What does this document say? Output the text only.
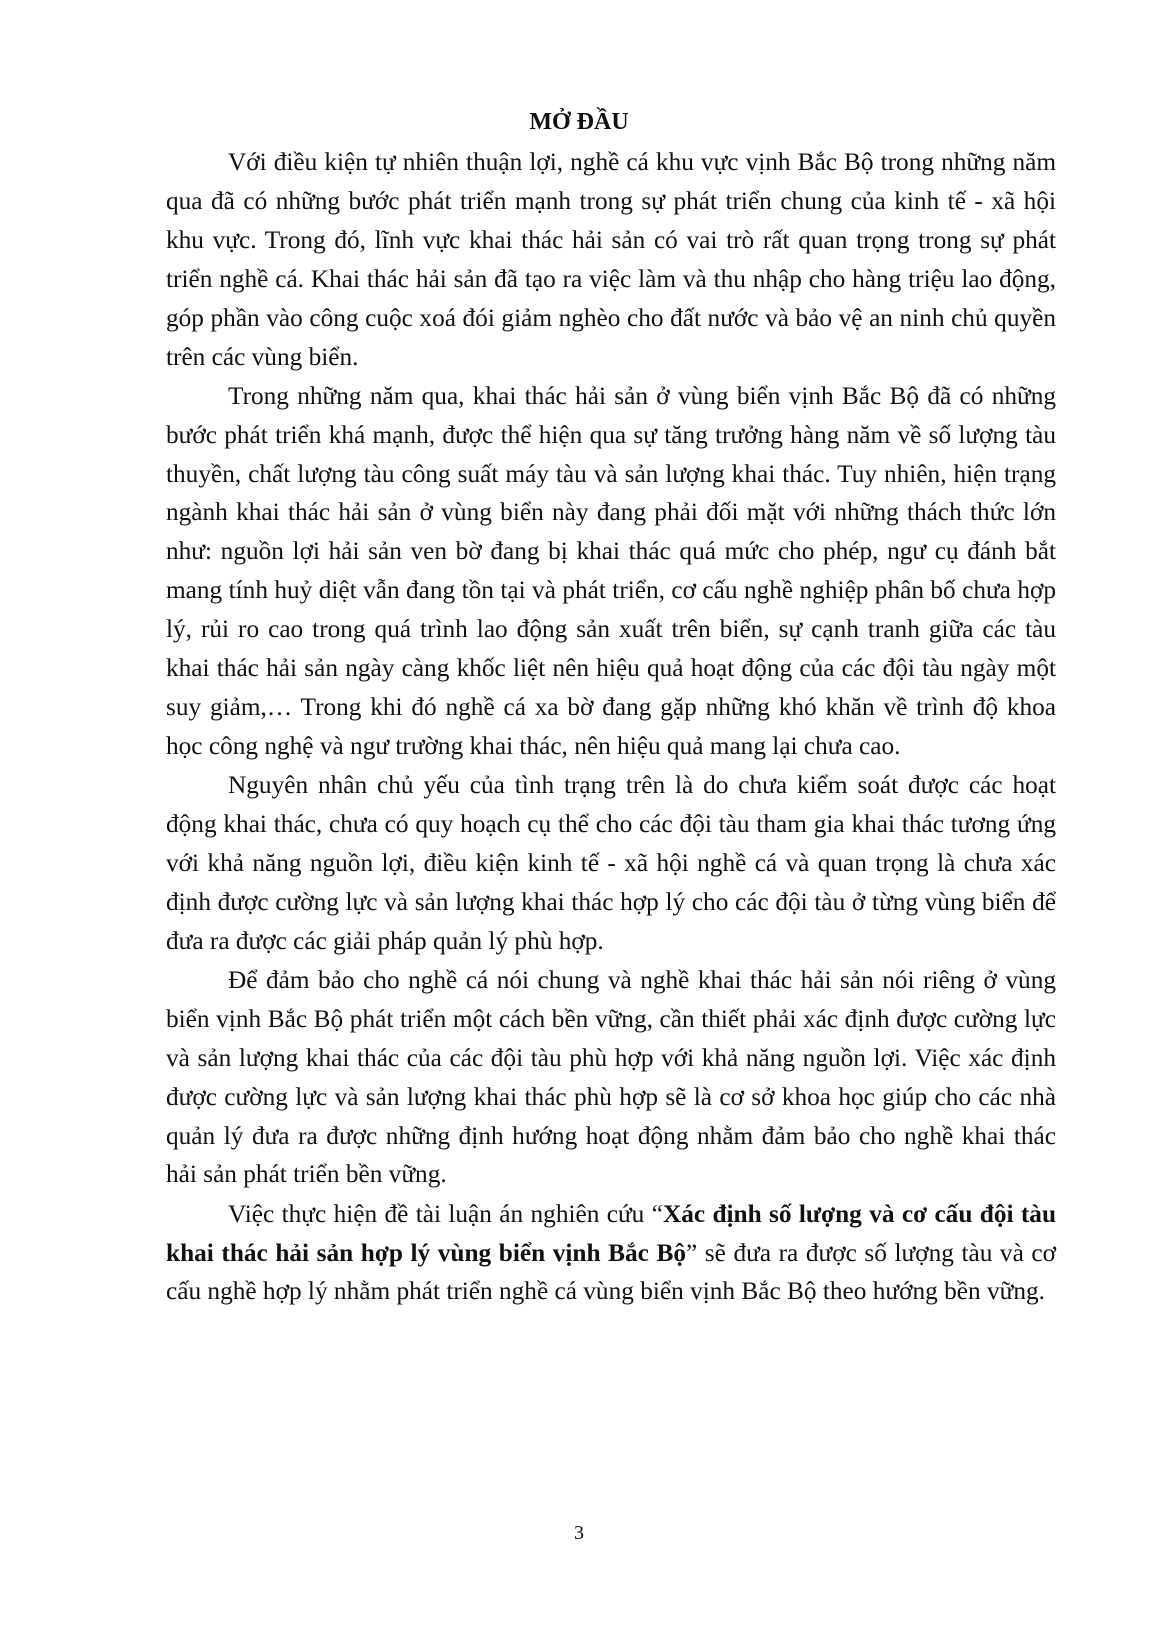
MỞ ĐẦU

Với điều kiện tự nhiên thuận lợi, nghề cá khu vực vịnh Bắc Bộ trong những năm qua đã có những bước phát triển mạnh trong sự phát triển chung của kinh tế - xã hội khu vực. Trong đó, lĩnh vực khai thác hải sản có vai trò rất quan trọng trong sự phát triển nghề cá. Khai thác hải sản đã tạo ra việc làm và thu nhập cho hàng triệu lao động, góp phần vào công cuộc xoá đói giảm nghèo cho đất nước và bảo vệ an ninh chủ quyền trên các vùng biển.

Trong những năm qua, khai thác hải sản ở vùng biển vịnh Bắc Bộ đã có những bước phát triển khá mạnh, được thể hiện qua sự tăng trưởng hàng năm về số lượng tàu thuyền, chất lượng tàu công suất máy tàu và sản lượng khai thác. Tuy nhiên, hiện trạng ngành khai thác hải sản ở vùng biển này đang phải đối mặt với những thách thức lớn như: nguồn lợi hải sản ven bờ đang bị khai thác quá mức cho phép, ngư cụ đánh bắt mang tính huỷ diệt vẫn đang tồn tại và phát triển, cơ cấu nghề nghiệp phân bố chưa hợp lý, rủi ro cao trong quá trình lao động sản xuất trên biển, sự cạnh tranh giữa các tàu khai thác hải sản ngày càng khốc liệt nên hiệu quả hoạt động của các đội tàu ngày một suy giảm,… Trong khi đó nghề cá xa bờ đang gặp những khó khăn về trình độ khoa học công nghệ và ngư trường khai thác, nên hiệu quả mang lại chưa cao.

Nguyên nhân chủ yếu của tình trạng trên là do chưa kiểm soát được các hoạt động khai thác, chưa có quy hoạch cụ thể cho các đội tàu tham gia khai thác tương ứng với khả năng nguồn lợi, điều kiện kinh tế - xã hội nghề cá và quan trọng là chưa xác định được cường lực và sản lượng khai thác hợp lý cho các đội tàu ở từng vùng biển để đưa ra được các giải pháp quản lý phù hợp.

Để đảm bảo cho nghề cá nói chung và nghề khai thác hải sản nói riêng ở vùng biển vịnh Bắc Bộ phát triển một cách bền vững, cần thiết phải xác định được cường lực và sản lượng khai thác của các đội tàu phù hợp với khả năng nguồn lợi. Việc xác định được cường lực và sản lượng khai thác phù hợp sẽ là cơ sở khoa học giúp cho các nhà quản lý đưa ra được những định hướng hoạt động nhằm đảm bảo cho nghề khai thác hải sản phát triển bền vững.

Việc thực hiện đề tài luận án nghiên cứu “Xác định số lượng và cơ cấu đội tàu khai thác hải sản hợp lý vùng biển vịnh Bắc Bộ” sẽ đưa ra được số lượng tàu và cơ cấu nghề hợp lý nhằm phát triển nghề cá vùng biển vịnh Bắc Bộ theo hướng bền vững.

3
